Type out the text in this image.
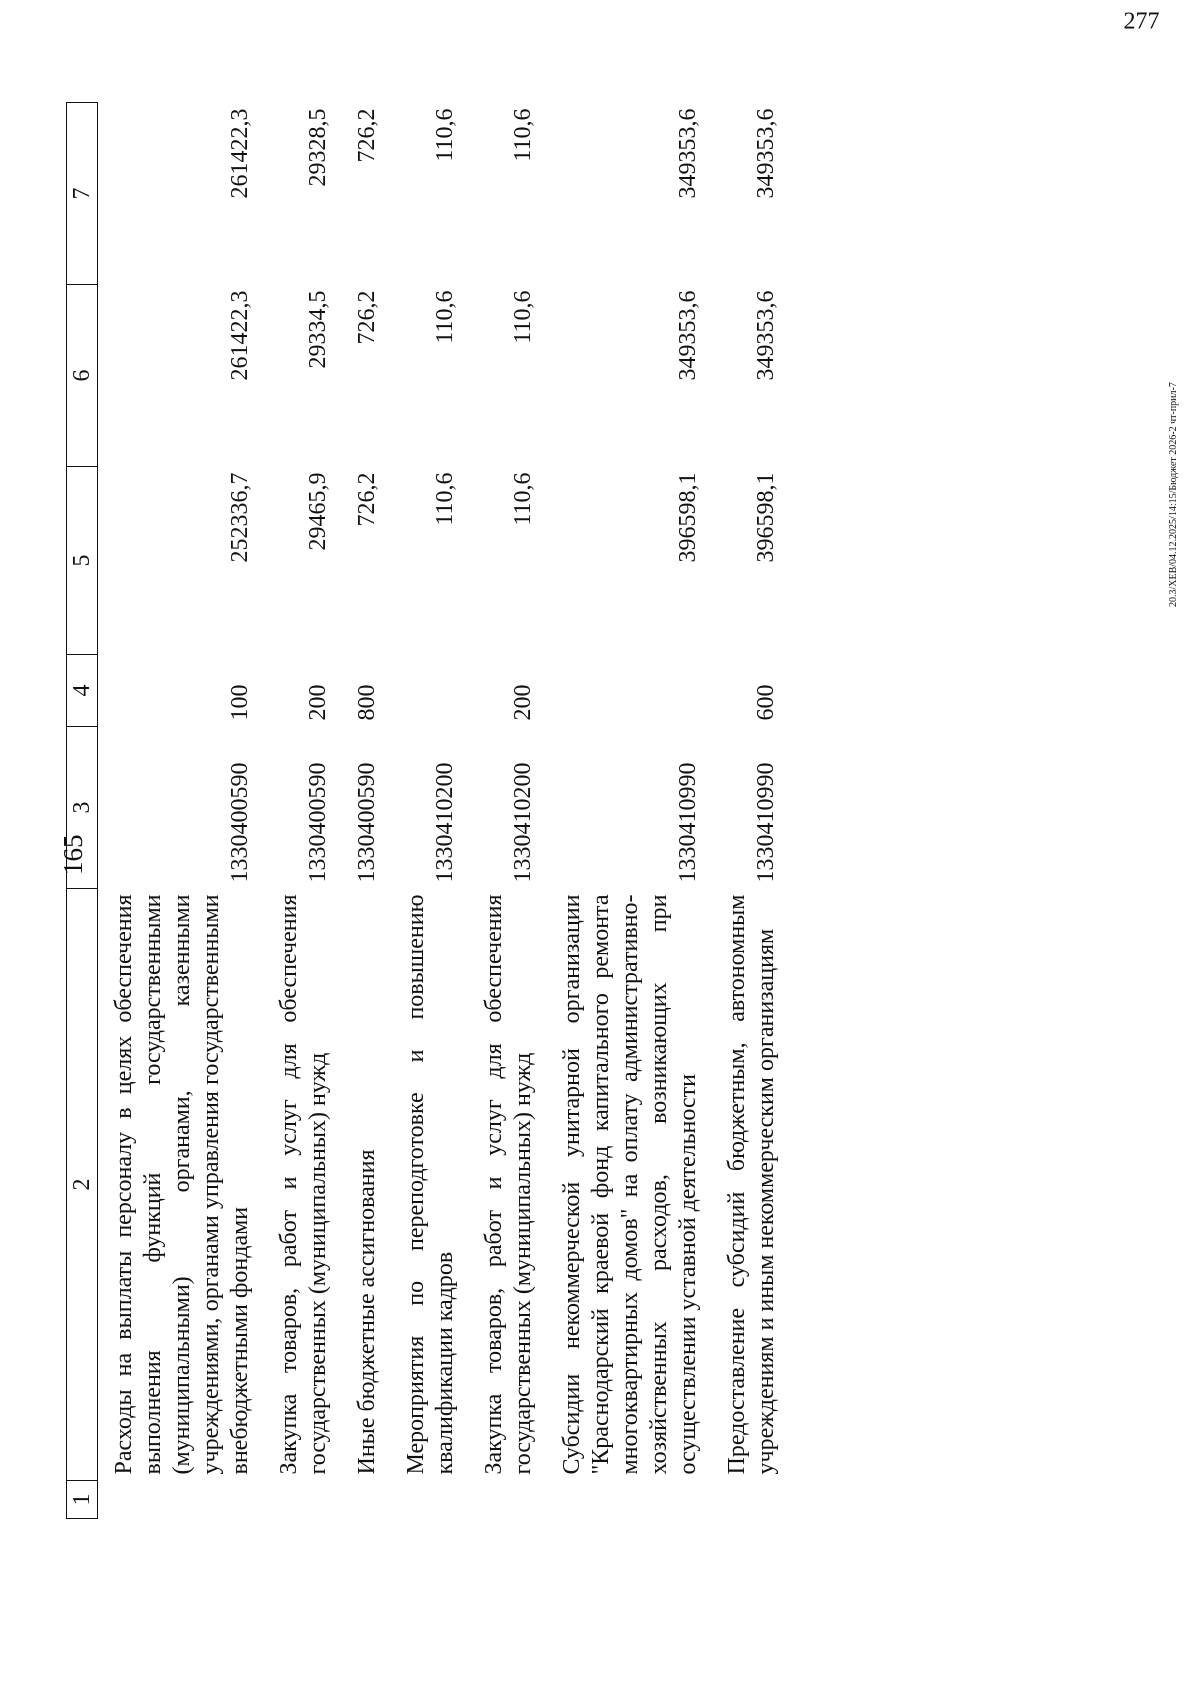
165
1	2	3	4	5	6	7
	Расходы на выплаты персоналу в целях обеспечения выполнения функций государственными (муниципальными) органами, казенными учреждениями, органами управления государственными внебюджетными фондами	1330400590	100	252336,7	261422,3	261422,3
	Закупка товаров, работ и услуг для обеспечения государственных (муниципальных) нужд	1330400590	200	29465,9	29334,5	29328,5
	Иные бюджетные ассигнования	1330400590	800	726,2	726,2	726,2
	Мероприятия по переподготовке и повышению квалификации кадров	1330410200		110,6	110,6	110,6
	Закупка товаров, работ и услуг для обеспечения государственных (муниципальных) нужд	1330410200	200	110,6	110,6	110,6
	Субсидии некоммерческой унитарной организации "Краснодарский краевой фонд капитального ремонта многоквартирных домов" на оплату административно-хозяйственных расходов, возникающих при осуществлении уставной деятельности	1330410990		396598,1	349353,6	349353,6
	Предоставление субсидий бюджетным, автономным учреждениям и иным некоммерческим организациям	1330410990	600	396598,1	349353,6	349353,6
20.3/ХЕВ/04.12.2025/14:15/Бюджет 2026-2 чт-прил-7
277
